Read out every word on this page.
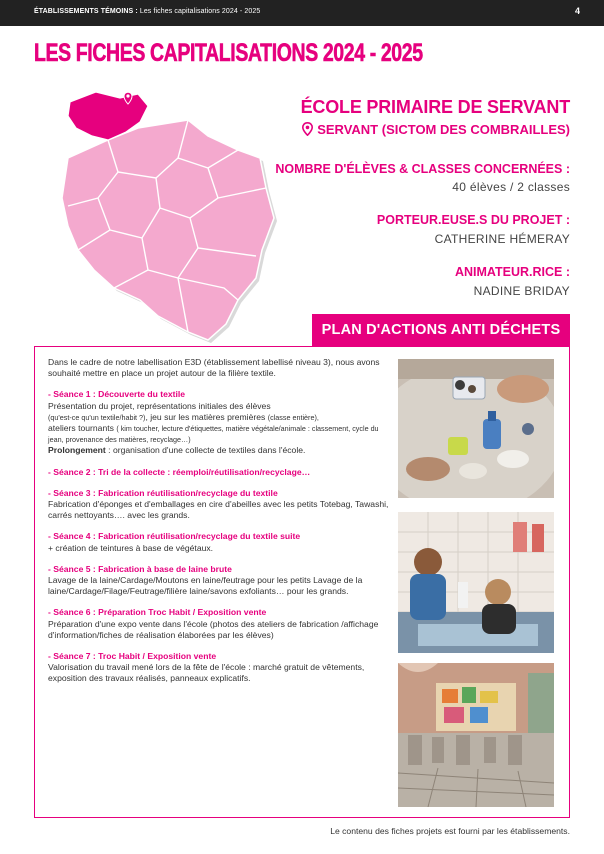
ÉTABLISSEMENTS TÉMOINS : Les fiches capitalisations 2024 - 2025	4
LES FICHES CAPITALISATIONS 2024 - 2025
ÉCOLE PRIMAIRE DE SERVANT
SERVANT (SICTOM DES COMBRAILLES)
NOMBRE D'ÉLÈVES & CLASSES CONCERNÉES :
40 élèves / 2 classes
PORTEUR.EUSE.S DU PROJET :
CATHERINE HÉMERAY
ANIMATEUR.RICE :
NADINE BRIDAY
PLAN D'ACTIONS ANTI DÉCHETS

Dans le cadre de notre labellisation E3D (établissement labellisé niveau 3), nous avons souhaité mettre en place un projet autour de la filière textile.

- Séance 1 : Découverte du textile

Présentation du projet, représentations initiales des élèves

(qu'est-ce qu'un textile/habit ?), jeu sur les matières premières (classe entière),

ateliers tournants ( kim toucher, lecture d'étiquettes, matière végétale/animale : classement, cycle du jean, provenance des matières, recyclage…)

Prolongement : organisation d'une collecte de textiles dans l'école.

- Séance 2 : Tri de la collecte : réemploi/réutilisation/recyclage…

- Séance 3 : Fabrication réutilisation/recyclage du textile

Fabrication d'éponges et d'emballages en cire d'abeilles avec les petits Totebag, Tawashi, carrés nettoyants…. avec les grands.

- Séance 4 : Fabrication réutilisation/recyclage du textile suite

+ création de teintures à base de végétaux.

- Séance 5 : Fabrication à base de laine brute

Lavage de la laine/Cardage/Moutons en laine/feutrage pour les petits Lavage de la laine/Cardage/Filage/Feutrage/filière laine/savons exfoliants… pour les grands.

- Séance 6 : Préparation Troc Habit / Exposition vente

Préparation d'une expo vente dans l'école (photos des ateliers de fabrication /affichage d'information/fiches de réalisation élaborées par les élèves)

- Séance 7 : Troc Habit / Exposition vente

Valorisation du travail mené lors de la fête de l'école : marché gratuit de vêtements, exposition des travaux réalisés, panneaux explicatifs.

Le contenu des fiches projets est fourni par les établissements.
